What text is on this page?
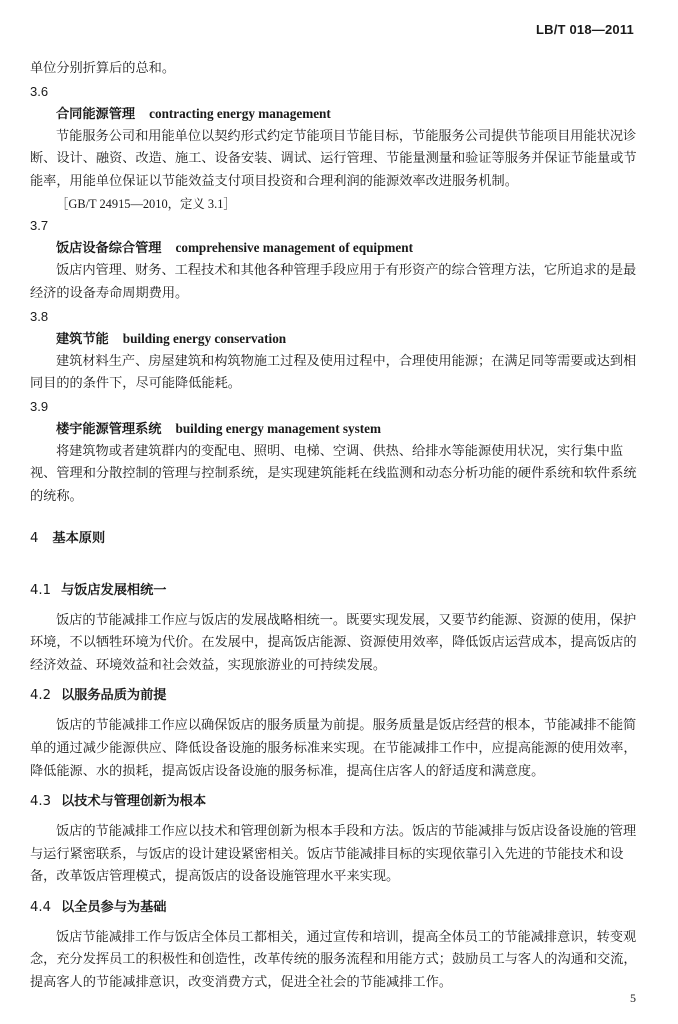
LB/T 018—2011

单位分别折算后的总和。

3.6

合同能源管理 contracting energy management

节能服务公司和用能单位以契约形式约定节能项目节能目标，节能服务公司提供节能项目用能状况诊断、设计、融资、改造、施工、设备安装、调试、运行管理、节能量测量和验证等服务并保证节能量或节能率，用能单位保证以节能效益支付项目投资和合理利润的能源效率改进服务机制。

［GB/T 24915—2010，定义 3.1］

3.7

饭店设备综合管理 comprehensive management of equipment

饭店内管理、财务、工程技术和其他各种管理手段应用于有形资产的综合管理方法，它所追求的是最经济的设备寿命周期费用。

3.8

建筑节能 building energy conservation

建筑材料生产、房屋建筑和构筑物施工过程及使用过程中，合理使用能源；在满足同等需要或达到相同目的的条件下，尽可能降低能耗。

3.9

楼宇能源管理系统 building energy management system

将建筑物或者建筑群内的变配电、照明、电梯、空调、供热、给排水等能源使用状况，实行集中监视、管理和分散控制的管理与控制系统，是实现建筑能耗在线监测和动态分析功能的硬件系统和软件系统的统称。

4 基本原则

4.1 与饭店发展相统一

饭店的节能减排工作应与饭店的发展战略相统一。既要实现发展，又要节约能源、资源的使用，保护环境，不以牺牲环境为代价。在发展中，提高饭店能源、资源使用效率，降低饭店运营成本，提高饭店的经济效益、环境效益和社会效益，实现旅游业的可持续发展。

4.2 以服务品质为前提

饭店的节能减排工作应以确保饭店的服务质量为前提。服务质量是饭店经营的根本，节能减排不能简单的通过减少能源供应、降低设备设施的服务标准来实现。在节能减排工作中，应提高能源的使用效率，降低能源、水的损耗，提高饭店设备设施的服务标准，提高住店客人的舒适度和满意度。

4.3 以技术与管理创新为根本

饭店的节能减排工作应以技术和管理创新为根本手段和方法。饭店的节能减排与饭店设备设施的管理与运行紧密联系，与饭店的设计建设紧密相关。饭店节能减排目标的实现依靠引入先进的节能技术和设备，改革饭店管理模式，提高饭店的设备设施管理水平来实现。

4.4 以全员参与为基础

饭店节能减排工作与饭店全体员工都相关，通过宣传和培训，提高全体员工的节能减排意识，转变观念，充分发挥员工的积极性和创造性，改革传统的服务流程和用能方式；鼓励员工与客人的沟通和交流，提高客人的节能减排意识，改变消费方式，促进全社会的节能减排工作。

5
